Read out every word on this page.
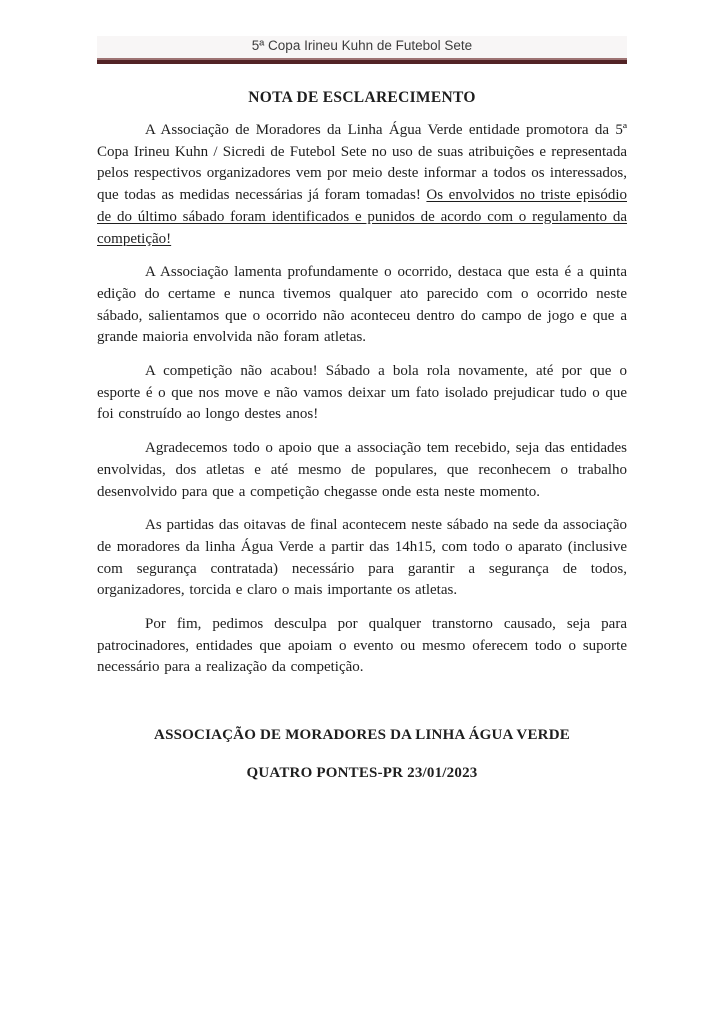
5ª Copa Irineu Kuhn de Futebol Sete
NOTA DE ESCLARECIMENTO

A Associação de Moradores da Linha Água Verde entidade promotora da 5ª Copa Irineu Kuhn / Sicredi de Futebol Sete no uso de suas atribuições e representada pelos respectivos organizadores vem por meio deste informar a todos os interessados, que todas as medidas necessárias já foram tomadas! Os envolvidos no triste episódio de do último sábado foram identificados e punidos de acordo com o regulamento da competição!

A Associação lamenta profundamente o ocorrido, destaca que esta é a quinta edição do certame e nunca tivemos qualquer ato parecido com o ocorrido neste sábado, salientamos que o ocorrido não aconteceu dentro do campo de jogo e que a grande maioria envolvida não foram atletas.

A competição não acabou! Sábado a bola rola novamente, até por que o esporte é o que nos move e não vamos deixar um fato isolado prejudicar tudo o que foi construído ao longo destes anos!

Agradecemos todo o apoio que a associação tem recebido, seja das entidades envolvidas, dos atletas e até mesmo de populares, que reconhecem o trabalho desenvolvido para que a competição chegasse onde esta neste momento.

As partidas das oitavas de final acontecem neste sábado na sede da associação de moradores da linha Água Verde a partir das 14h15, com todo o aparato (inclusive com segurança contratada) necessário para garantir a segurança de todos, organizadores, torcida e claro o mais importante os atletas.

Por fim, pedimos desculpa por qualquer transtorno causado, seja para patrocinadores, entidades que apoiam o evento ou mesmo oferecem todo o suporte necessário para a realização da competição.

ASSOCIAÇÃO DE MORADORES DA LINHA ÁGUA VERDE

QUATRO PONTES-PR 23/01/2023
